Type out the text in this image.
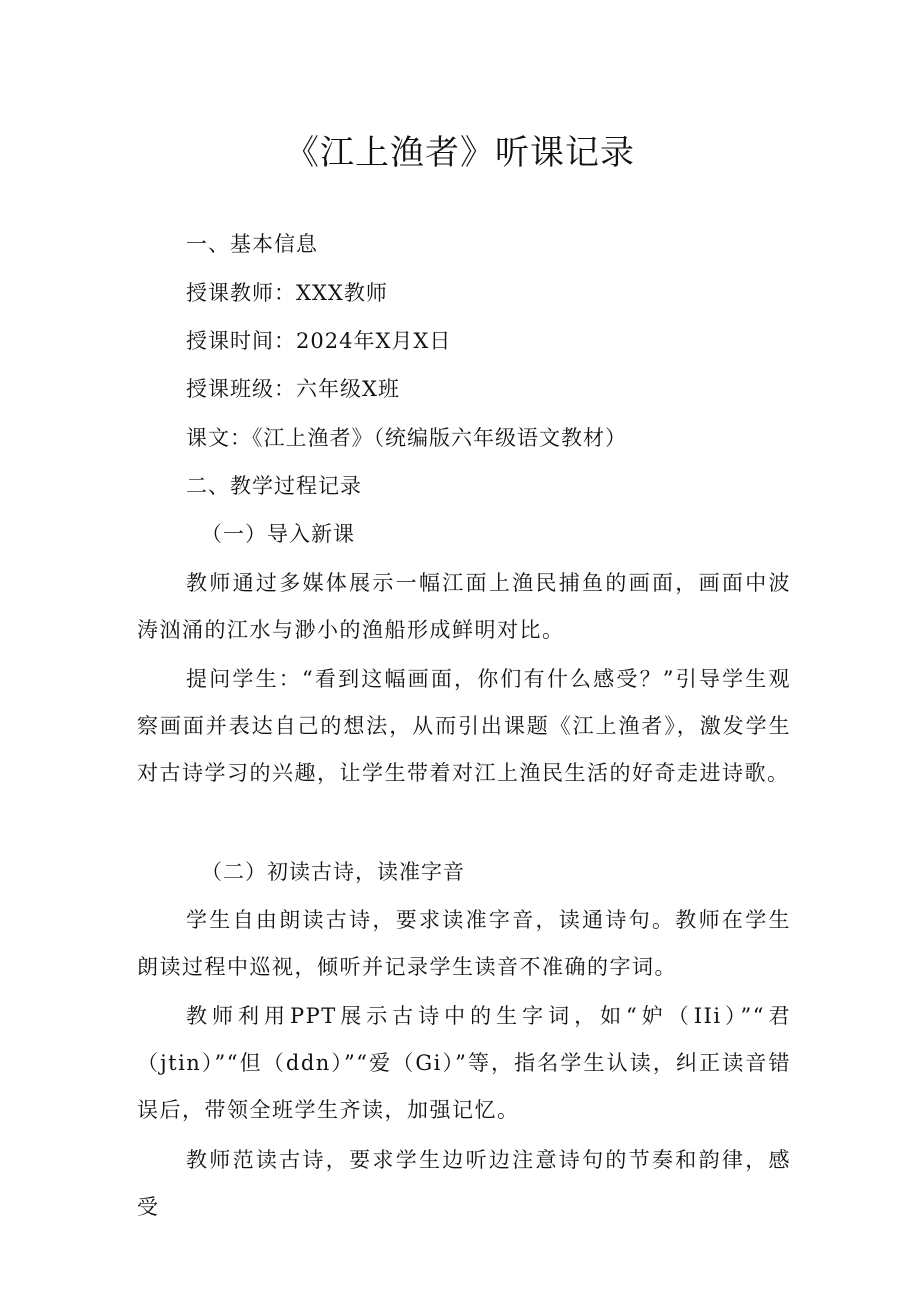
《江上渔者》听课记录
一、基本信息
授课教师：XXX教师
授课时间：2024年X月X日
授课班级：六年级X班
课文：《江上渔者》（统编版六年级语文教材）
二、教学过程记录
（一）导入新课

教师通过多媒体展示一幅江面上渔民捕鱼的画面，画面中波涛汹涌的江水与渺小的渔船形成鲜明对比。

提问学生：“看到这幅画面，你们有什么感受？”引导学生观察画面并表达自己的想法，从而引出课题《江上渔者》，激发学生对古诗学习的兴趣，让学生带着对江上渔民生活的好奇走进诗歌。

（二）初读古诗，读准字音

学生自由朗读古诗，要求读准字音，读通诗句。教师在学生朗读过程中巡视，倾听并记录学生读音不准确的字词。

教师利用PPT展示古诗中的生字词，如“妒（IIi）”“君（jtin）”“但（ddn）”“爱（Gi）”等，指名学生认读，纠正读音错误后，带领全班学生齐读，加强记忆。

教师范读古诗，要求学生边听边注意诗句的节奏和韵律，感受
